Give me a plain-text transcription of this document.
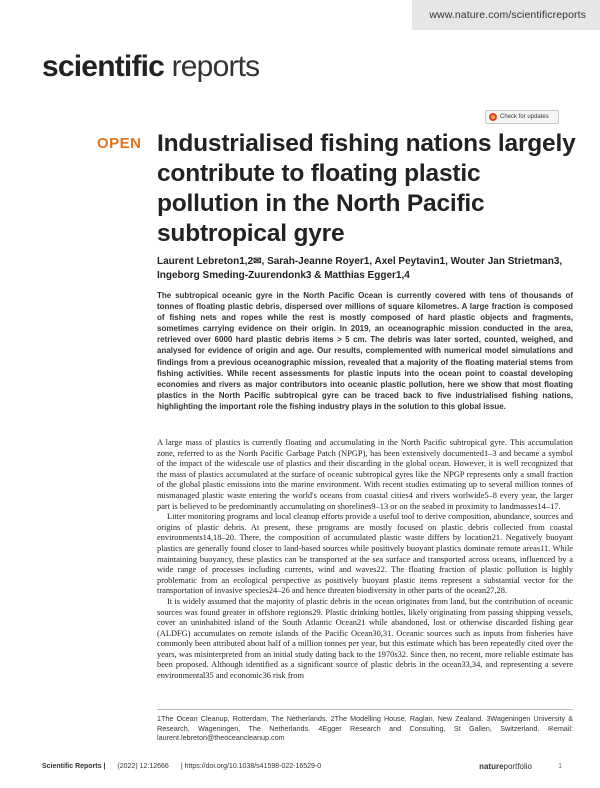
www.nature.com/scientificreports
scientific reports
Check for updates
OPEN Industrialised fishing nations largely contribute to floating plastic pollution in the North Pacific subtropical gyre
Laurent Lebreton1,2✉, Sarah-Jeanne Royer1, Axel Peytavin1, Wouter Jan Strietman3,
Ingeborg Smeding-Zuurendonk3 & Matthias Egger1,4
The subtropical oceanic gyre in the North Pacific Ocean is currently covered with tens of thousands of tonnes of floating plastic debris, dispersed over millions of square kilometres. A large fraction is composed of fishing nets and ropes while the rest is mostly composed of hard plastic objects and fragments, sometimes carrying evidence on their origin. In 2019, an oceanographic mission conducted in the area, retrieved over 6000 hard plastic debris items > 5 cm. The debris was later sorted, counted, weighed, and analysed for evidence of origin and age. Our results, complemented with numerical model simulations and findings from a previous oceanographic mission, revealed that a majority of the floating material stems from fishing activities. While recent assessments for plastic inputs into the ocean point to coastal developing economies and rivers as major contributors into oceanic plastic pollution, here we show that most floating plastics in the North Pacific subtropical gyre can be traced back to five industrialised fishing nations, highlighting the important role the fishing industry plays in the solution to this global issue.

A large mass of plastics is currently floating and accumulating in the North Pacific subtropical gyre. This accumulation zone, referred to as the North Pacific Garbage Patch (NPGP), has been extensively documented1–3 and became a symbol of the impact of the widescale use of plastics and their discarding in the global ocean. However, it is well recognized that the mass of plastics accumulated at the surface of oceanic subtropical gyres like the NPGP represents only a small fraction of the global plastic emissions into the marine environment. With recent studies estimating up to several million tonnes of mismanaged plastic waste entering the world's oceans from coastal cities4 and rivers worlwide5–8 every year, the larger part is believed to be predominantly accumulating on shorelines9–13 or on the seabed in proximity to landmasses14–17.

Litter monitoring programs and local cleanup efforts provide a useful tool to derive composition, abundance, sources and origins of plastic debris. At present, these programs are mostly focused on plastic debris collected from coastal environments14,18–20. There, the composition of accumulated plastic waste differs by location21. Negatively buoyant plastics are generally found closer to land-based sources while positively buoyant plastics dominate remote areas11. While maintaining buoyancy, these plastics can be transported at the sea surface and transported across oceans, influenced by a wide range of processes including currents, wind and waves22. The floating fraction of plastic pollution is highly problematic from an ecological perspective as positively buoyant plastic items represent a substantial vector for the transportation of invasive species24–26 and hence threaten biodiversity in other parts of the ocean27,28.

It is widely assumed that the majority of plastic debris in the ocean originates from land, but the contribution of oceanic sources was found greater in offshore regions29. Plastic drinking bottles, likely originating from passing shipping vessels, cover an uninhabited island of the South Atlantic Ocean21 while abandoned, lost or otherwise discarded fishing gear (ALDFG) accumulates on remote islands of the Pacific Ocean30,31. Oceanic sources such as inputs from fisheries have commonly been attributed about half of a million tonnes per year, but this estimate which has been repeatedly cited over the years, was misinterpreted from an initial study dating back to the 1970s32. Since then, no recent, more reliable estimate has been proposed. Although identified as a significant source of plastic debris in the ocean33,34, and representing a severe environmental35 and economic36 risk from

1The Ocean Cleanup, Rotterdam, The Netherlands. 2The Modelling House, Raglan, New Zealand. 3Wageningen University & Research, Wageningen, The Netherlands. 4Egger Research and Consulting, St Gallen, Switzerland. ✉email: laurent.lebreton@theoceancleanup.com
Scientific Reports | (2022) 12:12666 | https://doi.org/10.1038/s41598-022-16529-0	natureportfolio	1
